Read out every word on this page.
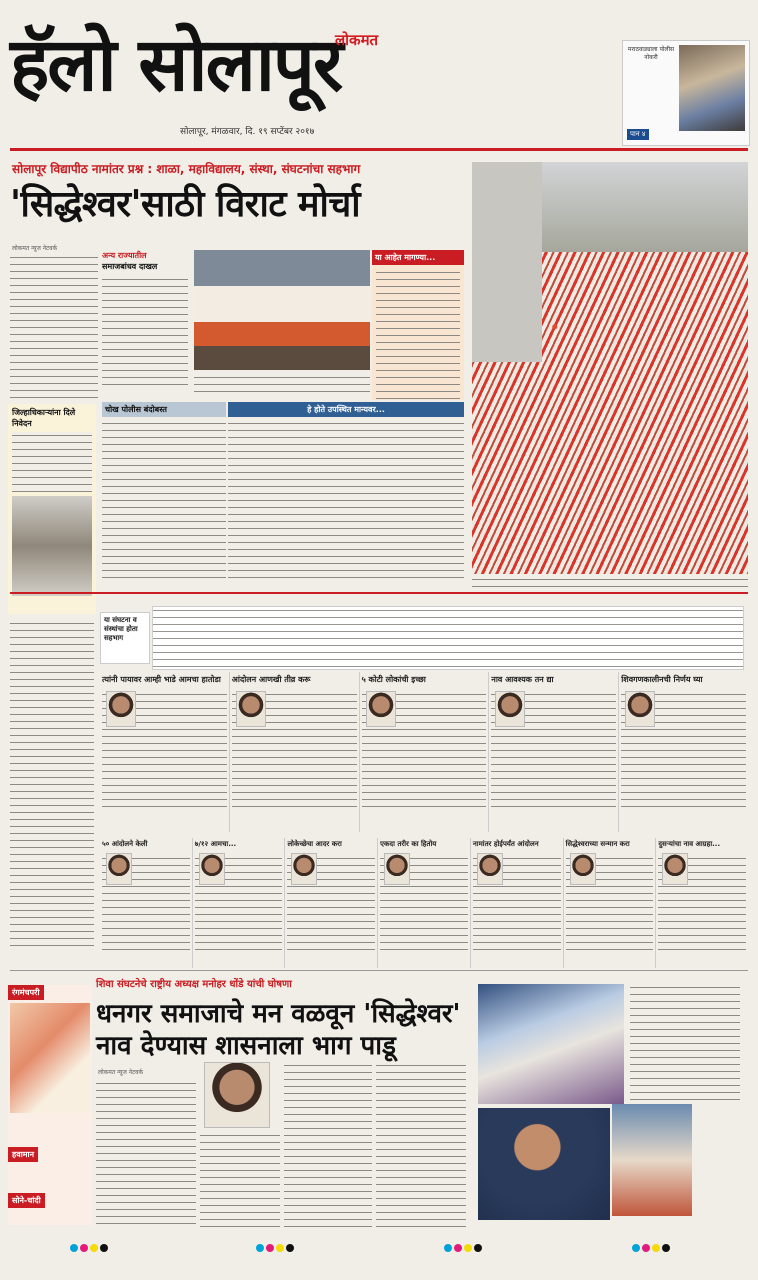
हॅलो सोलापूर
लोकमत
सोलापूर, मंगळवार, दि. १९ सप्टेंबर २०१७
मराठवाड्याला पोलीस नोकरी
पान ४
सोलापूर विद्यापीठ नामांतर प्रश्न : शाळा, महाविद्यालय, संस्था, संघटनांचा सहभाग
'सिद्धेश्वर'साठी विराट मोर्चा
लोकमत न्यूज नेटवर्क
जिल्हाधिकाऱ्यांना दिले निवेदन
अन्य राज्यातील
समाजबांधव दाखल
या आहेत मागण्या...
चोख पोलीस बंदोबस्त	हे होते उपस्थित मान्यवर...
या संघटना व संस्थांचा होता सहभाग
त्यांनी पायावर आम्ही भाडे आमचा हातोडा	आंदोलन आणखी तीव्र करू	५ कोटी लोकांची इच्छा	नाव आवश्यक तन द्या	शिवगणकालीनची निर्णय घ्या
५० आंदोलने केली	७/१२ आमचा...	लोकेच्छेचा आदर करा	एकदा तरीर का हितोय	नामांतर होईपर्यंत आंदोलन	सिद्धेश्वराच्या सन्मान करा	दुसऱ्यांचा नाव आग्रहा...
रंगमंचपरी
हवामान
सोने-चांदी
शिवा संघटनेचे राष्ट्रीय अध्यक्ष मनोहर धोंडे यांची घोषणा
धनगर समाजाचे मन वळवून 'सिद्धेश्वर' नाव देण्यास शासनाला भाग पाडू
लोकमत न्यूज नेटवर्क
